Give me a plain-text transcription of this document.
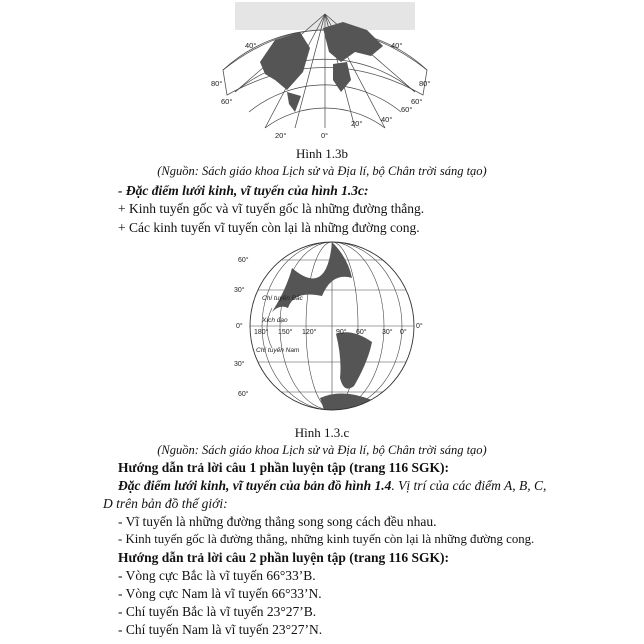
40°	40°
80°	80°
60°	60°
20°	0°
20° 40°
60°
Hình 1.3b
(Nguồn: Sách giáo khoa Lịch sử và Địa lí, bộ Chân trời sáng tạo)
- Đặc điểm lưới kinh, vĩ tuyến của hình 1.3c:
+ Kinh tuyến gốc và vĩ tuyến gốc là những đường thẳng.
+ Các kinh tuyến vĩ tuyến còn lại là những đường cong.
60°
30°
0°	0°
30°
60°
180° 150° 120°	90° 60° 30° 0°
Chí tuyến Bắc
Xích đạo
Chí tuyến Nam
Hình 1.3.c
(Nguồn: Sách giáo khoa Lịch sử và Địa lí, bộ Chân trời sáng tạo)
Hướng dẫn trả lời câu 1 phần luyện tập (trang 116 SGK):
Đặc điểm lưới kinh, vĩ tuyến của bản đồ hình 1.4. Vị trí của các điểm A, B, C,
D trên bản đồ thế giới:
- Vĩ tuyến là những đường thẳng song song cách đều nhau.
- Kinh tuyến gốc là đường thẳng, những kinh tuyến còn lại là những đường cong.
Hướng dẫn trả lời câu 2 phần luyện tập (trang 116 SGK):
- Vòng cực Bắc là vĩ tuyến 66°33’B.
- Vòng cực Nam là vĩ tuyến 66°33’N.
- Chí tuyến Bắc là vĩ tuyến 23°27’B.
- Chí tuyến Nam là vĩ tuyến 23°27’N.
